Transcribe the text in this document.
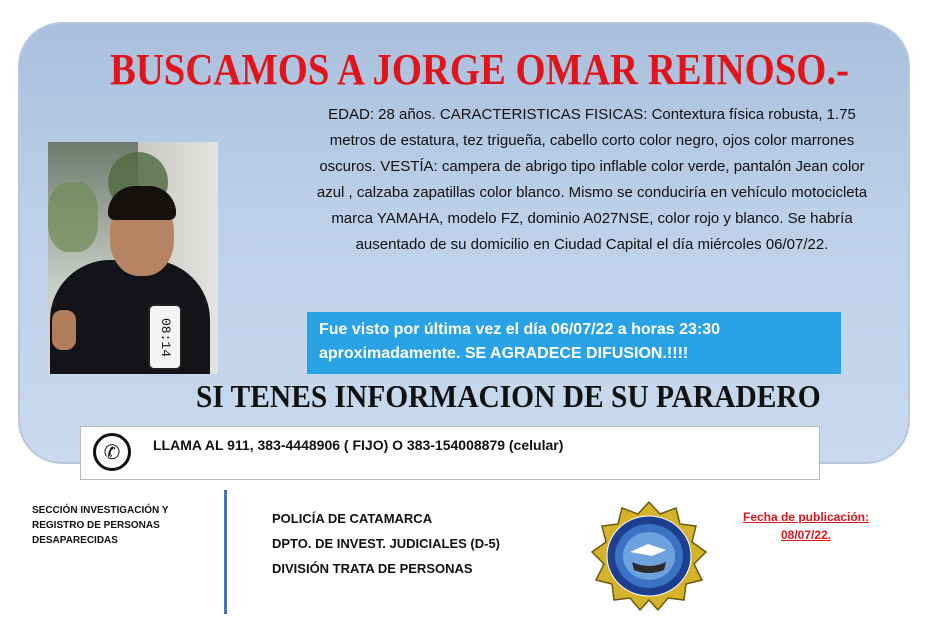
BUSCAMOS A JORGE OMAR REINOSO.-
08:14
EDAD: 28 años. CARACTERISTICAS FISICAS: Contextura física robusta, 1.75 metros de estatura, tez trigueña, cabello corto color negro, ojos color marrones oscuros. VESTÍA: campera de abrigo tipo inflable color verde, pantalón Jean color azul , calzaba zapatillas color blanco. Mismo se conduciría en vehículo motocicleta marca YAMAHA, modelo FZ, dominio A027NSE, color rojo y blanco. Se habría ausentado de su domicilio en Ciudad Capital el día miércoles 06/07/22.
Fue visto por última vez el día 06/07/22 a horas 23:30
aproximadamente. SE AGRADECE DIFUSION.!!!!
SI TENES INFORMACION DE SU PARADERO
✆	LLAMA AL 911, 383-4448906 ( FIJO) O 383-154008879 (celular)
SECCIÓN INVESTIGACIÓN Y
REGISTRO DE PERSONAS
DESAPARECIDAS
POLICÍA DE CATAMARCA
DPTO. DE INVEST. JUDICIALES (D-5)
DIVISIÓN TRATA DE PERSONAS
Fecha de publicación:
08/07/22.
